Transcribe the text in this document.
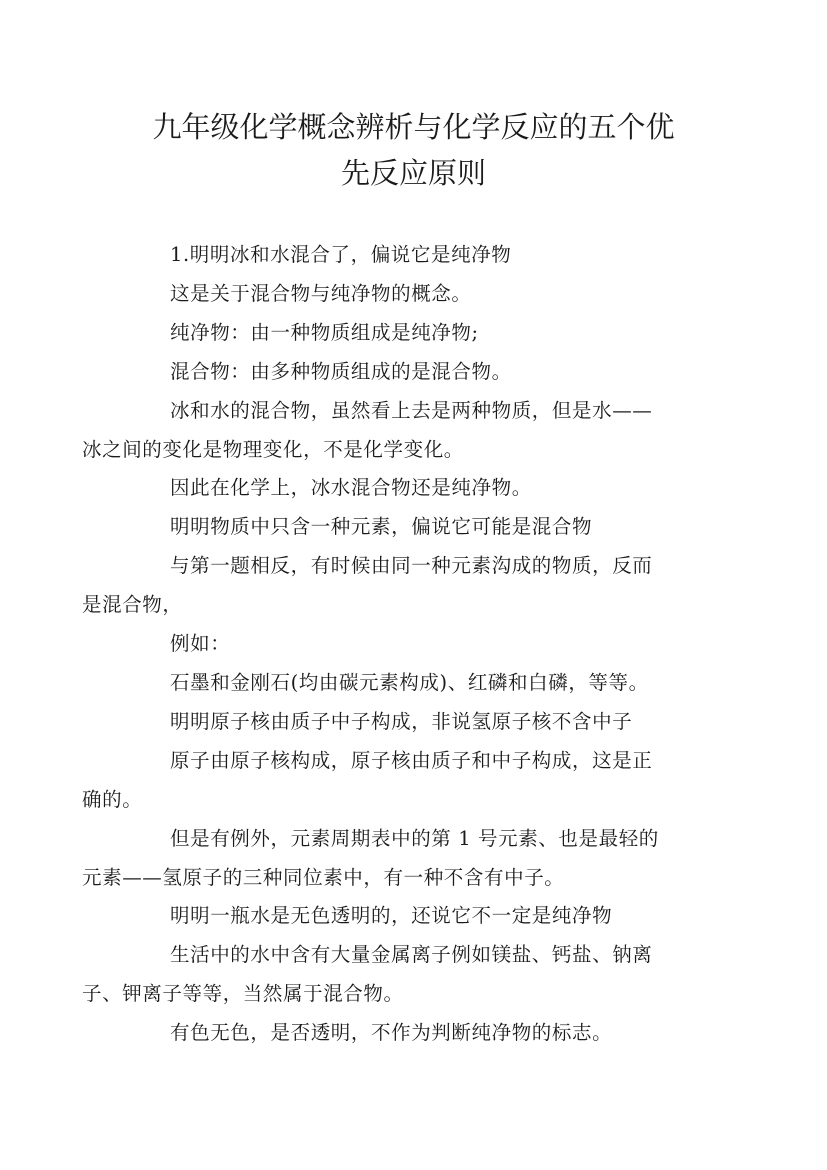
九年级化学概念辨析与化学反应的五个优
先反应原则

1.明明冰和水混合了，偏说它是纯净物

这是关于混合物与纯净物的概念。

纯净物：由一种物质组成是纯净物;

混合物：由多种物质组成的是混合物。

冰和水的混合物，虽然看上去是两种物质，但是水——
冰之间的变化是物理变化，不是化学变化。

因此在化学上，冰水混合物还是纯净物。

明明物质中只含一种元素，偏说它可能是混合物

与第一题相反，有时候由同一种元素沟成的物质，反而
是混合物，

例如：

石墨和金刚石(均由碳元素构成)、红磷和白磷，等等。

明明原子核由质子中子构成，非说氢原子核不含中子

原子由原子核构成，原子核由质子和中子构成，这是正
确的。

但是有例外，元素周期表中的第 1 号元素、也是最轻的
元素——氢原子的三种同位素中，有一种不含有中子。

明明一瓶水是无色透明的，还说它不一定是纯净物

生活中的水中含有大量金属离子例如镁盐、钙盐、钠离
子、钾离子等等，当然属于混合物。

有色无色，是否透明，不作为判断纯净物的标志。
